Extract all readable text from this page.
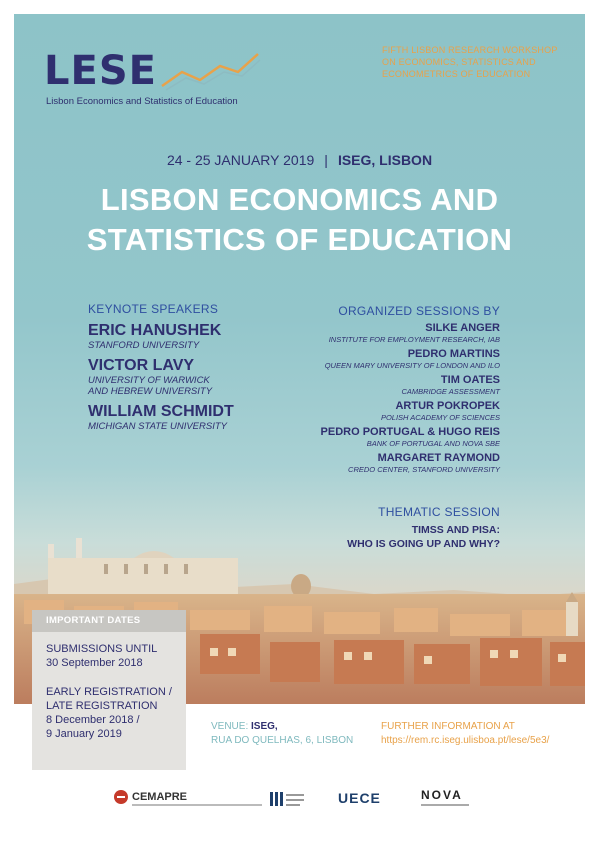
LESE
Lisbon Economics and Statistics of Education
FIFTH LISBON RESEARCH WORKSHOP
ON ECONOMICS, STATISTICS AND
ECONOMETRICS OF EDUCATION
24 - 25 JANUARY 2019 | ISEG, LISBON
LISBON ECONOMICS AND
STATISTICS OF EDUCATION
KEYNOTE SPEAKERS
ERIC HANUSHEK
STANFORD UNIVERSITY
VICTOR LAVY
UNIVERSITY OF WARWICK
AND HEBREW UNIVERSITY
WILLIAM SCHMIDT
MICHIGAN STATE UNIVERSITY
ORGANIZED SESSIONS BY
SILKE ANGER
INSTITUTE FOR EMPLOYMENT RESEARCH, IAB
PEDRO MARTINS
QUEEN MARY UNIVERSITY OF LONDON AND ILO
TIM OATES
CAMBRIDGE ASSESSMENT
ARTUR POKROPEK
POLISH ACADEMY OF SCIENCES
PEDRO PORTUGAL & HUGO REIS
BANK OF PORTUGAL AND NOVA SBE
MARGARET RAYMOND
CREDO CENTER, STANFORD UNIVERSITY
THEMATIC SESSION
TIMSS AND PISA:
WHO IS GOING UP AND WHY?
VENUE: ISEG,
RUA DO QUELHAS, 6, LISBON
FURTHER INFORMATION AT
https://rem.rc.iseg.ulisboa.pt/lese/5e3/
IMPORTANT DATES
SUBMISSIONS UNTIL
30 September 2018
EARLY REGISTRATION /
LATE REGISTRATION
8 December 2018 /
9 January 2019
CEMAPRE	UECE	NOVA
